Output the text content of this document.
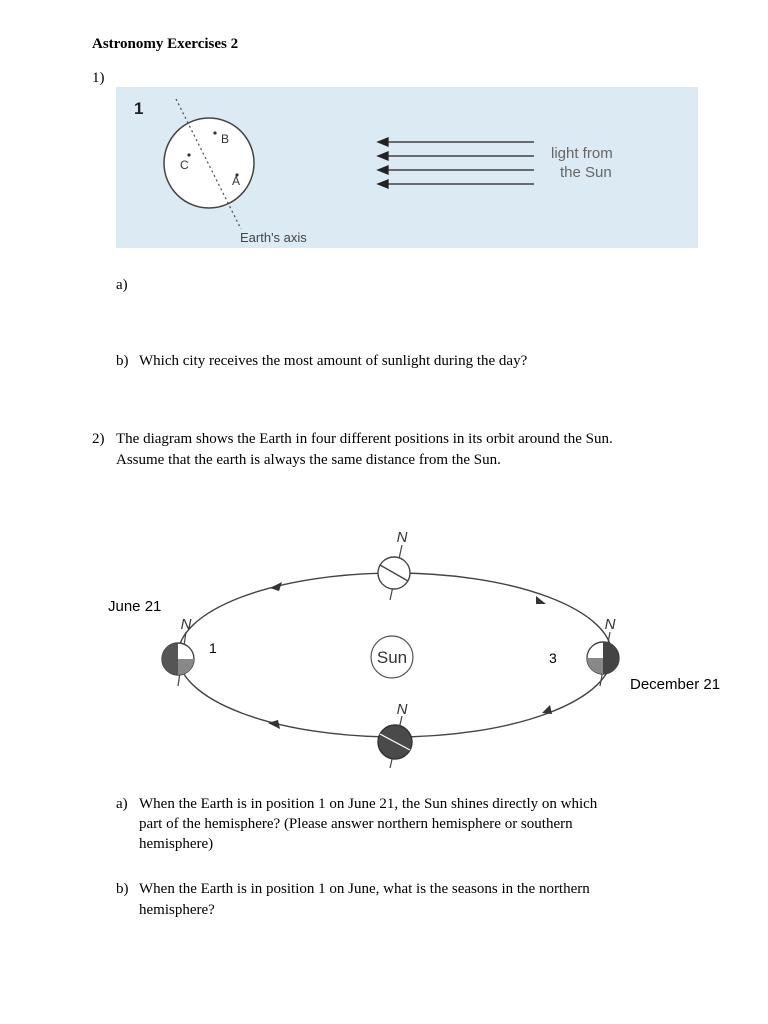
Astronomy Exercises 2
1)
1
B
C
A
Earth's axis
light from
the Sun
a)
b) Which city receives the most amount of sunlight during the day?
2) The diagram shows the Earth in four different positions in its orbit around the Sun.
Assume that the earth is always the same distance from the Sun.
Sun
N
N	N
N
June 21
1
3
December 21
a) When the Earth is in position 1 on June 21, the Sun shines directly on which
part of the hemisphere? (Please answer northern hemisphere or southern
hemisphere)
b) When the Earth is in position 1 on June, what is the seasons in the northern
hemisphere?
